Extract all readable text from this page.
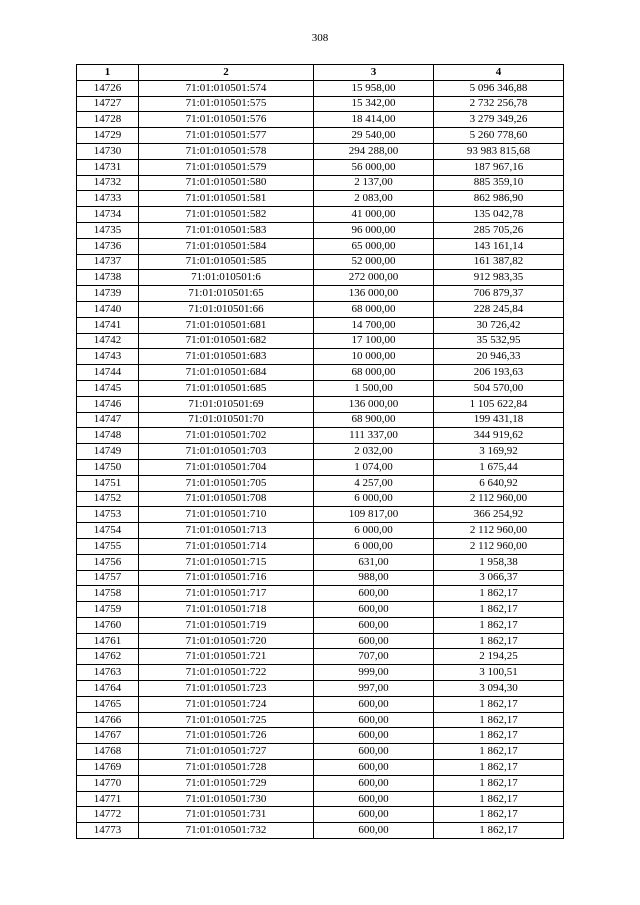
308
1	2	3	4
14726	71:01:010501:574	15 958,00	5 096 346,88
14727	71:01:010501:575	15 342,00	2 732 256,78
14728	71:01:010501:576	18 414,00	3 279 349,26
14729	71:01:010501:577	29 540,00	5 260 778,60
14730	71:01:010501:578	294 288,00	93 983 815,68
14731	71:01:010501:579	56 000,00	187 967,16
14732	71:01:010501:580	2 137,00	885 359,10
14733	71:01:010501:581	2 083,00	862 986,90
14734	71:01:010501:582	41 000,00	135 042,78
14735	71:01:010501:583	96 000,00	285 705,26
14736	71:01:010501:584	65 000,00	143 161,14
14737	71:01:010501:585	52 000,00	161 387,82
14738	71:01:010501:6	272 000,00	912 983,35
14739	71:01:010501:65	136 000,00	706 879,37
14740	71:01:010501:66	68 000,00	228 245,84
14741	71:01:010501:681	14 700,00	30 726,42
14742	71:01:010501:682	17 100,00	35 532,95
14743	71:01:010501:683	10 000,00	20 946,33
14744	71:01:010501:684	68 000,00	206 193,63
14745	71:01:010501:685	1 500,00	504 570,00
14746	71:01:010501:69	136 000,00	1 105 622,84
14747	71:01:010501:70	68 900,00	199 431,18
14748	71:01:010501:702	111 337,00	344 919,62
14749	71:01:010501:703	2 032,00	3 169,92
14750	71:01:010501:704	1 074,00	1 675,44
14751	71:01:010501:705	4 257,00	6 640,92
14752	71:01:010501:708	6 000,00	2 112 960,00
14753	71:01:010501:710	109 817,00	366 254,92
14754	71:01:010501:713	6 000,00	2 112 960,00
14755	71:01:010501:714	6 000,00	2 112 960,00
14756	71:01:010501:715	631,00	1 958,38
14757	71:01:010501:716	988,00	3 066,37
14758	71:01:010501:717	600,00	1 862,17
14759	71:01:010501:718	600,00	1 862,17
14760	71:01:010501:719	600,00	1 862,17
14761	71:01:010501:720	600,00	1 862,17
14762	71:01:010501:721	707,00	2 194,25
14763	71:01:010501:722	999,00	3 100,51
14764	71:01:010501:723	997,00	3 094,30
14765	71:01:010501:724	600,00	1 862,17
14766	71:01:010501:725	600,00	1 862,17
14767	71:01:010501:726	600,00	1 862,17
14768	71:01:010501:727	600,00	1 862,17
14769	71:01:010501:728	600,00	1 862,17
14770	71:01:010501:729	600,00	1 862,17
14771	71:01:010501:730	600,00	1 862,17
14772	71:01:010501:731	600,00	1 862,17
14773	71:01:010501:732	600,00	1 862,17
